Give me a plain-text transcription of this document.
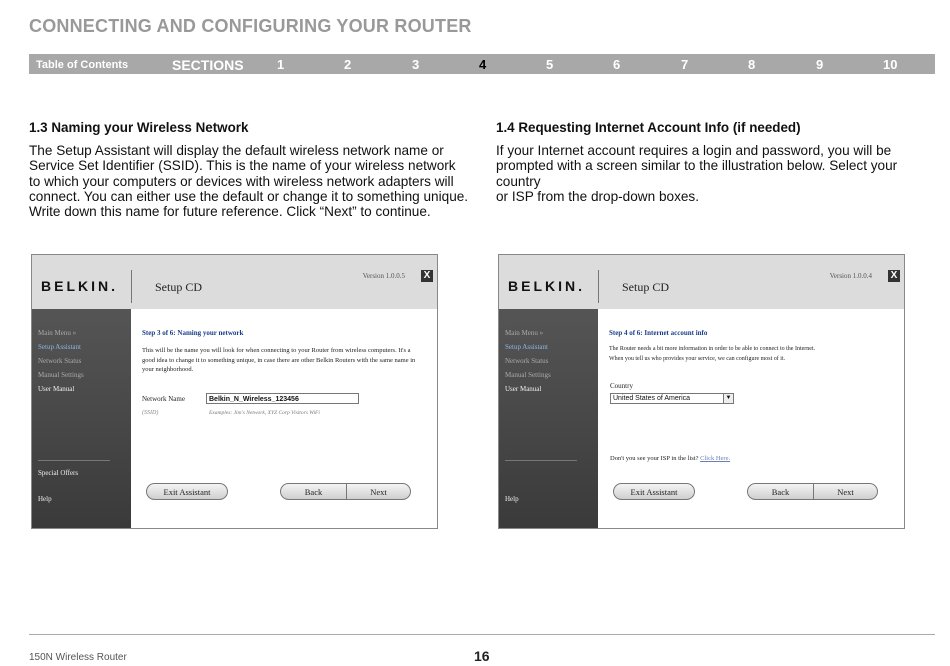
CONNECTING AND CONFIGURING YOUR ROUTER
Table of Contents	SECTIONS	1	2	3	4	5	6	7	8	9	10
1.3 Naming your Wireless Network

The Setup Assistant will display the default wireless network name or
Service Set Identifier (SSID). This is the name of your wireless network
to which your computers or devices with wireless network adapters will
connect. You can either use the default or change it to something unique.
Write down this name for future reference. Click “Next” to continue.

1.4 Requesting Internet Account Info (if needed)

If your Internet account requires a login and password, you will be
prompted with a screen similar to the illustration below. Select your country
or ISP from the drop-down boxes.

BELKIN.	Setup CD
Version 1.0.0.5 X
Main Menu »
Setup Assistant
Network Status
Manual Settings
User Manual
Special Offers
Help
Step 3 of 6: Naming your network
This will be the name you will look for when connecting to your Router from wireless computers. It's a
good idea to change it to something unique, in case there are other Belkin Routers with the same name in
your neighborhood.
Network Name	Belkin_N_Wireless_123456
(SSID)	Examples: Jim's Network, XYZ Corp Visitors WiFi
Exit Assistant	Back	Next
BELKIN.	Setup CD
Version 1.0.0.4 X
Main Menu »
Setup Assistant
Network Status
Manual Settings
User Manual
Help
Step 4 of 6: Internet account info
The Router needs a bit more information in order to be able to connect to the Internet.
When you tell us who provides your service, we can configure most of it.
Country
United States of America	▼
Don't you see your ISP in the list? Click Here.
Exit Assistant	Back	Next
150N Wireless Router	16
